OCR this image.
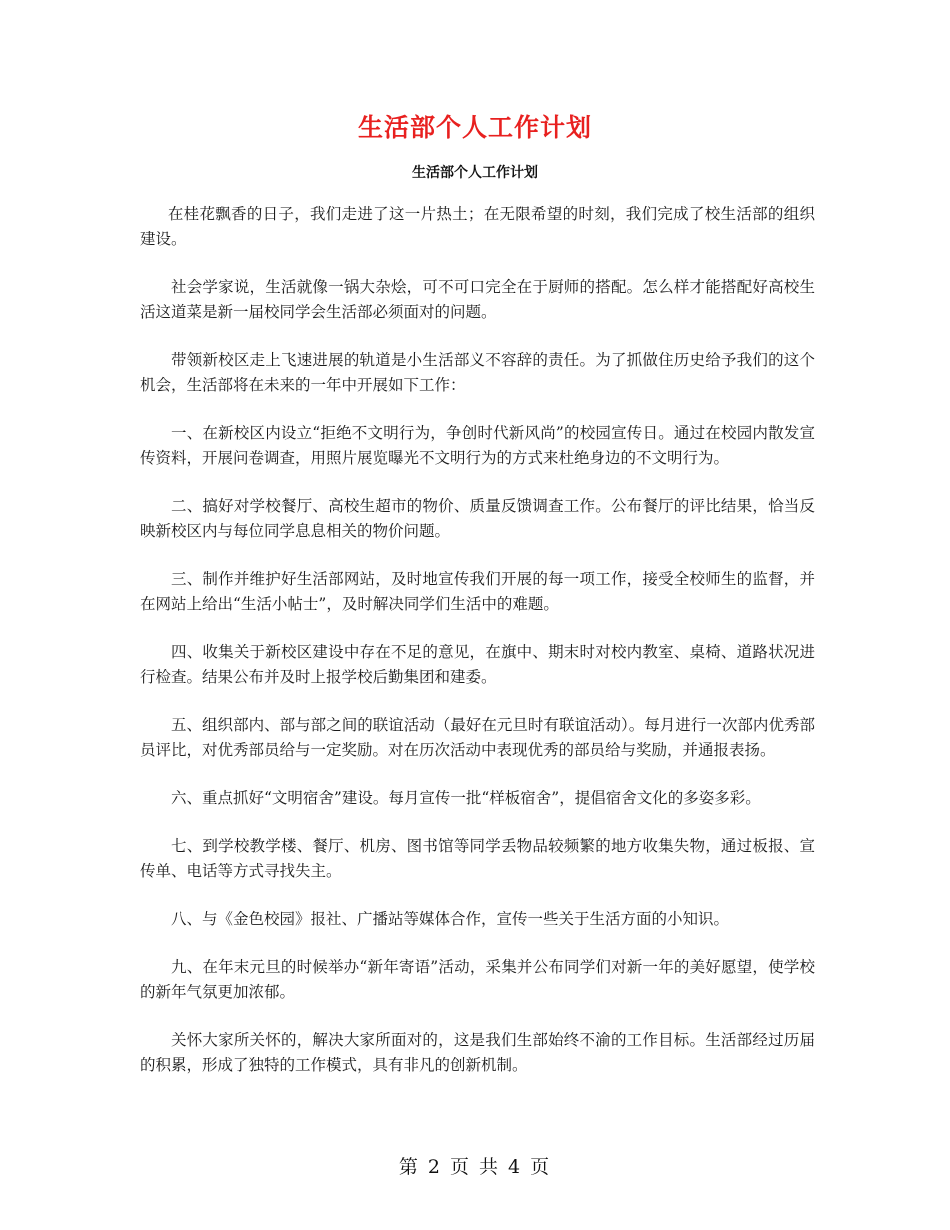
生活部个人工作计划
生活部个人工作计划

在桂花飘香的日子，我们走进了这一片热土；在无限希望的时刻，我们完成了校生活部的组织建设。

社会学家说，生活就像一锅大杂烩，可不可口完全在于厨师的搭配。怎么样才能搭配好高校生活这道菜是新一届校同学会生活部必须面对的问题。

带领新校区走上飞速进展的轨道是小生活部义不容辞的责任。为了抓做住历史给予我们的这个机会，生活部将在未来的一年中开展如下工作：

一、在新校区内设立“拒绝不文明行为，争创时代新风尚”的校园宣传日。通过在校园内散发宣传资料，开展问卷调查，用照片展览曝光不文明行为的方式来杜绝身边的不文明行为。

二、搞好对学校餐厅、高校生超市的物价、质量反馈调查工作。公布餐厅的评比结果，恰当反映新校区内与每位同学息息相关的物价问题。

三、制作并维护好生活部网站，及时地宣传我们开展的每一项工作，接受全校师生的监督，并在网站上给出“生活小帖士”，及时解决同学们生活中的难题。

四、收集关于新校区建设中存在不足的意见，在旗中、期末时对校内教室、桌椅、道路状况进行检查。结果公布并及时上报学校后勤集团和建委。

五、组织部内、部与部之间的联谊活动（最好在元旦时有联谊活动）。每月进行一次部内优秀部员评比，对优秀部员给与一定奖励。对在历次活动中表现优秀的部员给与奖励，并通报表扬。

六、重点抓好“文明宿舍”建设。每月宣传一批“样板宿舍”，提倡宿舍文化的多姿多彩。

七、到学校教学楼、餐厅、机房、图书馆等同学丢物品较频繁的地方收集失物，通过板报、宣传单、电话等方式寻找失主。

八、与《金色校园》报社、广播站等媒体合作，宣传一些关于生活方面的小知识。

九、在年末元旦的时候举办“新年寄语”活动，采集并公布同学们对新一年的美好愿望，使学校的新年气氛更加浓郁。

关怀大家所关怀的，解决大家所面对的，这是我们生部始终不渝的工作目标。生活部经过历届的积累，形成了独特的工作模式，具有非凡的创新机制。

第 2 页 共 4 页
